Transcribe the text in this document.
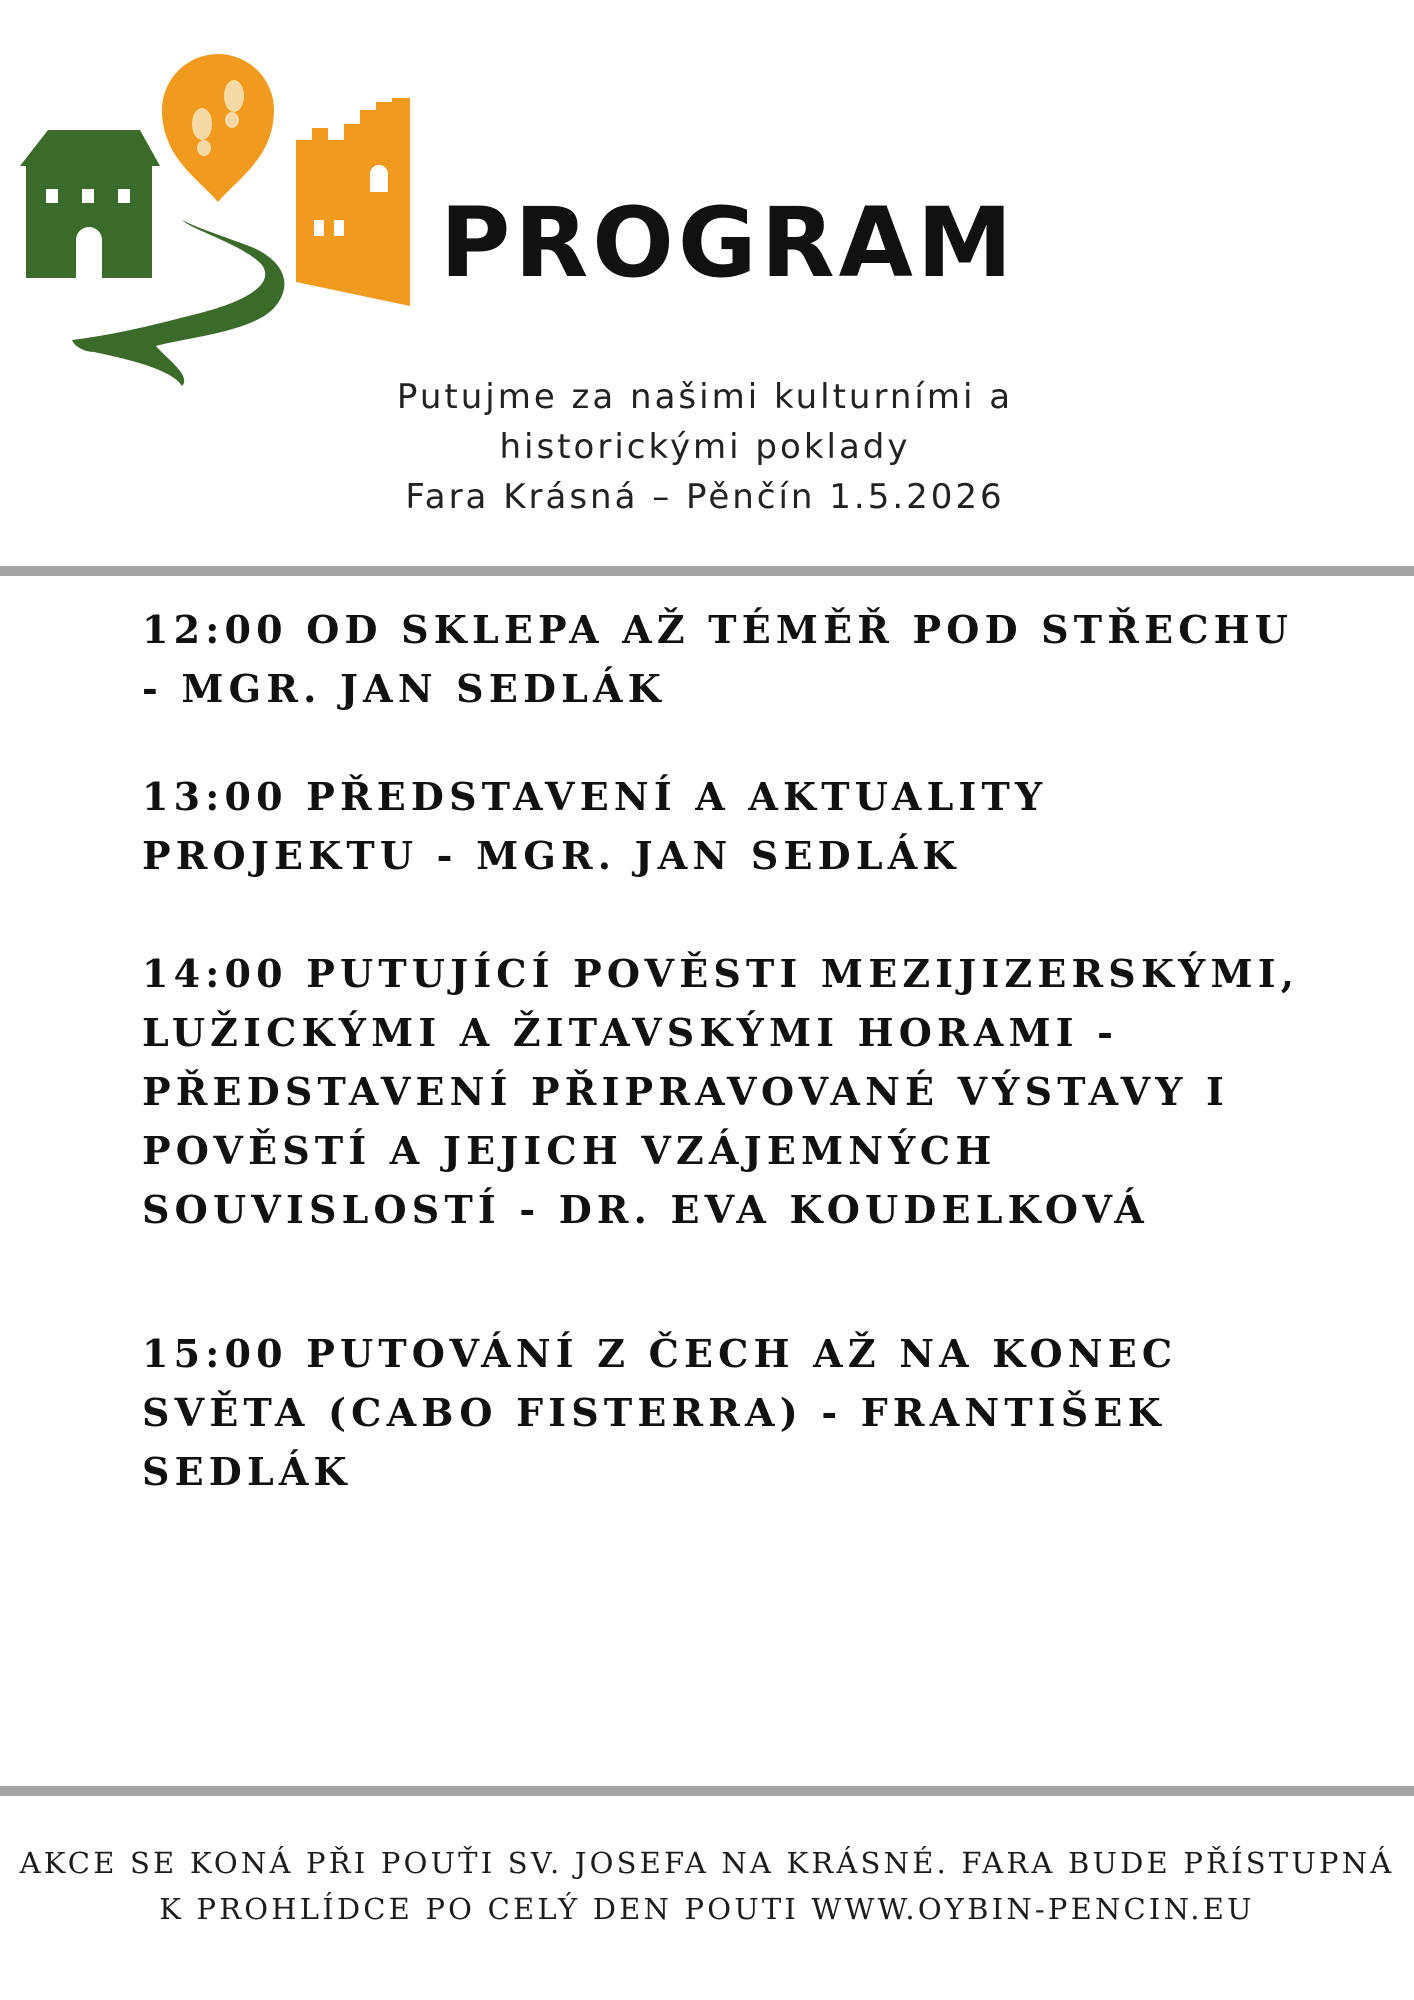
PROGRAM
Putujme za našimi kulturními a
historickými poklady
Fara Krásná – Pěnčín 1.5.2026
12:00 OD SKLEPA AŽ TÉMĚŘ POD STŘECHU
- MGR. JAN SEDLÁK
13:00 PŘEDSTAVENÍ A AKTUALITY
PROJEKTU - MGR. JAN SEDLÁK
14:00 PUTUJÍCÍ POVĚSTI MEZIJIZERSKÝMI,
LUŽICKÝMI A ŽITAVSKÝMI HORAMI -
PŘEDSTAVENÍ PŘIPRAVOVANÉ VÝSTAVY I
POVĚSTÍ A JEJICH VZÁJEMNÝCH
SOUVISLOSTÍ - DR. EVA KOUDELKOVÁ
15:00 PUTOVÁNÍ Z ČECH AŽ NA KONEC
SVĚTA (CABO FISTERRA) - FRANTIŠEK
SEDLÁK
AKCE SE KONÁ PŘI POUŤI SV. JOSEFA NA KRÁSNÉ. FARA BUDE PŘÍSTUPNÁ
K PROHLÍDCE PO CELÝ DEN POUTI WWW.OYBIN-PENCIN.EU
